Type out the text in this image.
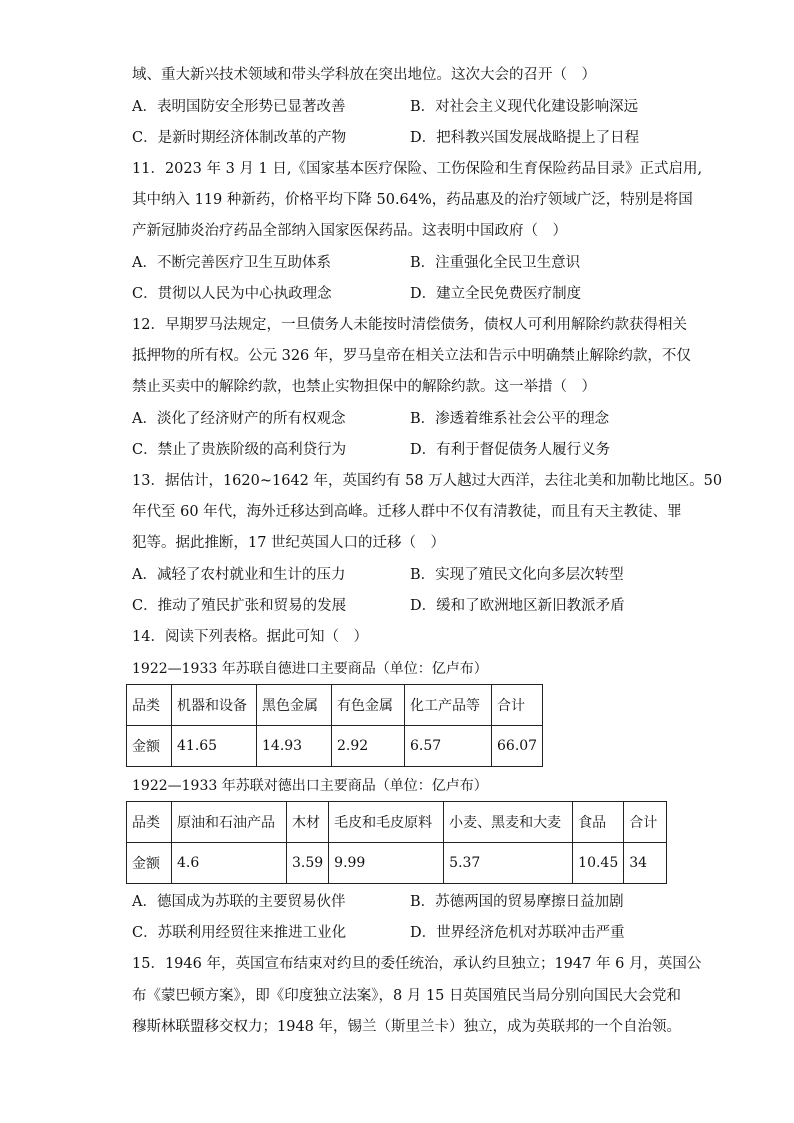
域、重大新兴技术领域和带头学科放在突出地位。这次大会的召开（　）
A．表明国防安全形势已显著改善	B．对社会主义现代化建设影响深远
C．是新时期经济体制改革的产物	D．把科教兴国发展战略提上了日程
11．2023 年 3 月 1 日,《国家基本医疗保险、工伤保险和生育保险药品目录》正式启用,
其中纳入 119 种新药，价格平均下降 50.64%，药品惠及的治疗领域广泛，特别是将国
产新冠肺炎治疗药品全部纳入国家医保药品。这表明中国政府（　）
A．不断完善医疗卫生互助体系	B．注重强化全民卫生意识
C．贯彻以人民为中心执政理念	D．建立全民免费医疗制度
12．早期罗马法规定，一旦债务人未能按时清偿债务，债权人可利用解除约款获得相关
抵押物的所有权。公元 326 年，罗马皇帝在相关立法和告示中明确禁止解除约款，不仅
禁止买卖中的解除约款，也禁止实物担保中的解除约款。这一举措（　）
A．淡化了经济财产的所有权观念	B．渗透着维系社会公平的理念
C．禁止了贵族阶级的高利贷行为	D．有利于督促债务人履行义务
13．据估计，1620~1642 年，英国约有 58 万人越过大西洋，去往北美和加勒比地区。50
年代至 60 年代，海外迁移达到高峰。迁移人群中不仅有清教徒，而且有天主教徒、罪
犯等。据此推断，17 世纪英国人口的迁移（　）
A．减轻了农村就业和生计的压力	B．实现了殖民文化向多层次转型
C．推动了殖民扩张和贸易的发展	D．缓和了欧洲地区新旧教派矛盾
14．阅读下列表格。据此可知（　）
1922—1933 年苏联自德进口主要商品（单位：亿卢布）
品类	机器和设备	黑色金属	有色金属	化工产品等	合计
金额	41.65	14.93	2.92	6.57	66.07
1922—1933 年苏联对德出口主要商品（单位：亿卢布）
品类	原油和石油产品	木材	毛皮和毛皮原料	小麦、黑麦和大麦	食品	合计
金额	4.6	3.59	9.99	5.37	10.45	34
A．德国成为苏联的主要贸易伙伴	B．苏德两国的贸易摩擦日益加剧
C．苏联利用经贸往来推进工业化	D．世界经济危机对苏联冲击严重
15．1946 年，英国宣布结束对约旦的委任统治，承认约旦独立；1947 年 6 月，英国公
布《蒙巴顿方案》，即《印度独立法案》，8 月 15 日英国殖民当局分别向国民大会党和
穆斯林联盟移交权力；1948 年，锡兰（斯里兰卡）独立，成为英联邦的一个自治领。
